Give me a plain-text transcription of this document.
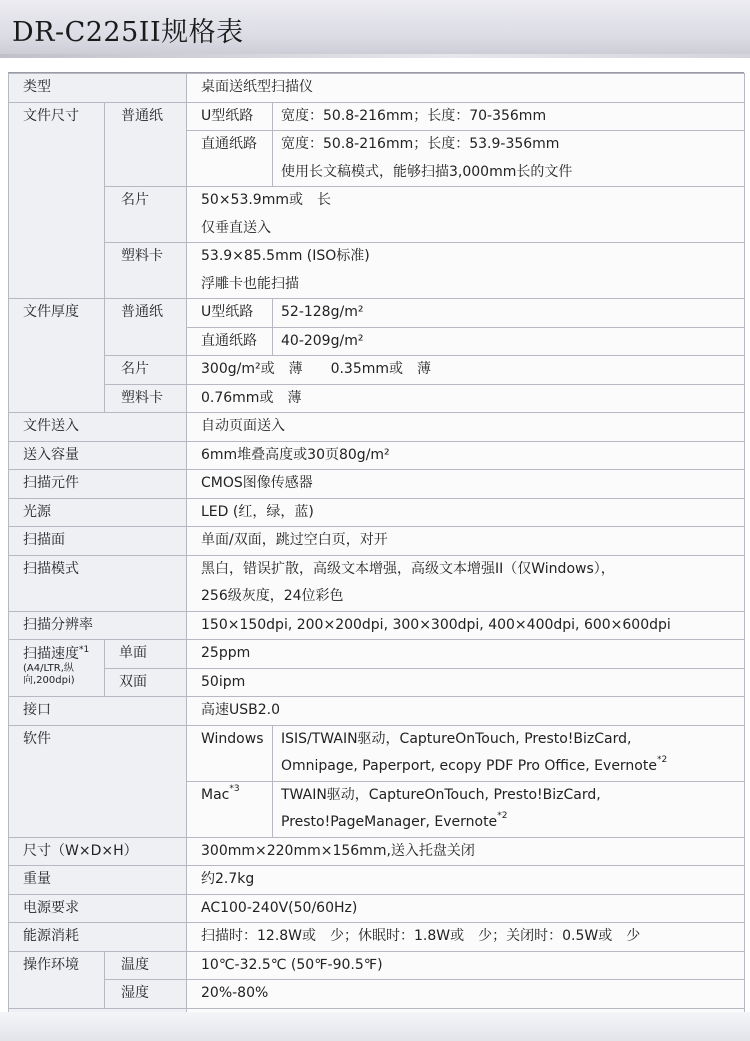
DR-C225II规格表
类型		桌面送纸型扫描仪	
文件尺寸	普通纸	U型纸路	宽度：50.8-216mm；长度：70-356mm
		直通纸路	宽度：50.8-216mm；长度：53.9-356mm
			使用长文稿模式，能够扫描3,000mm长的文件
	名片	50×53.9mm或　长	
		仅垂直送入	
	塑料卡	53.9×85.5mm (ISO标准)	
		浮雕卡也能扫描	
文件厚度	普通纸	U型纸路	52-128g/m²
		直通纸路	40-209g/m²
	名片	300g/m²或　薄　　0.35mm或　薄	
	塑料卡	0.76mm或　薄	
文件送入		自动页面送入	
送入容量		6mm堆叠高度或30页80g/m²	
扫描元件		CMOS图像传感器	
光源		LED (红，绿，蓝)	
扫描面		单面/双面，跳过空白页，对开	
扫描模式		黑白，错误扩散，高级文本增强，高级文本增强II（仅Windows），
256级灰度，24位彩色	

扫描分辨率		150×150dpi, 200×200dpi, 300×300dpi, 400×400dpi, 600×600dpi	
扫描速度$^{*1}$
(A4/LTR,纵向,200dpi)	单面	25ppm	
	双面	50ipm	
接口		高速USB2.0	
软件		Windows	ISIS/TWAIN驱动，CaptureOnTouch, Presto!BizCard,
Omnipage, Paperport, ecopy PDF Pro Office, Evernote$^{*2}$

		Mac$^{*3}$	TWAIN驱动，CaptureOnTouch, Presto!BizCard,
Presto!PageManager, Evernote$^{*2}$

尺寸（W×D×H）		300mm×220mm×156mm,送入托盘关闭	
重量		约2.7kg	
电源要求		AC100-240V(50/60Hz)	
能源消耗		扫描时：12.8W或　少；休眠时：1.8W或　少；关闭时：0.5W或　少	
操作环境	温度	10℃-32.5℃ (50℉-90.5℉)	
	湿度	20%-80%	
